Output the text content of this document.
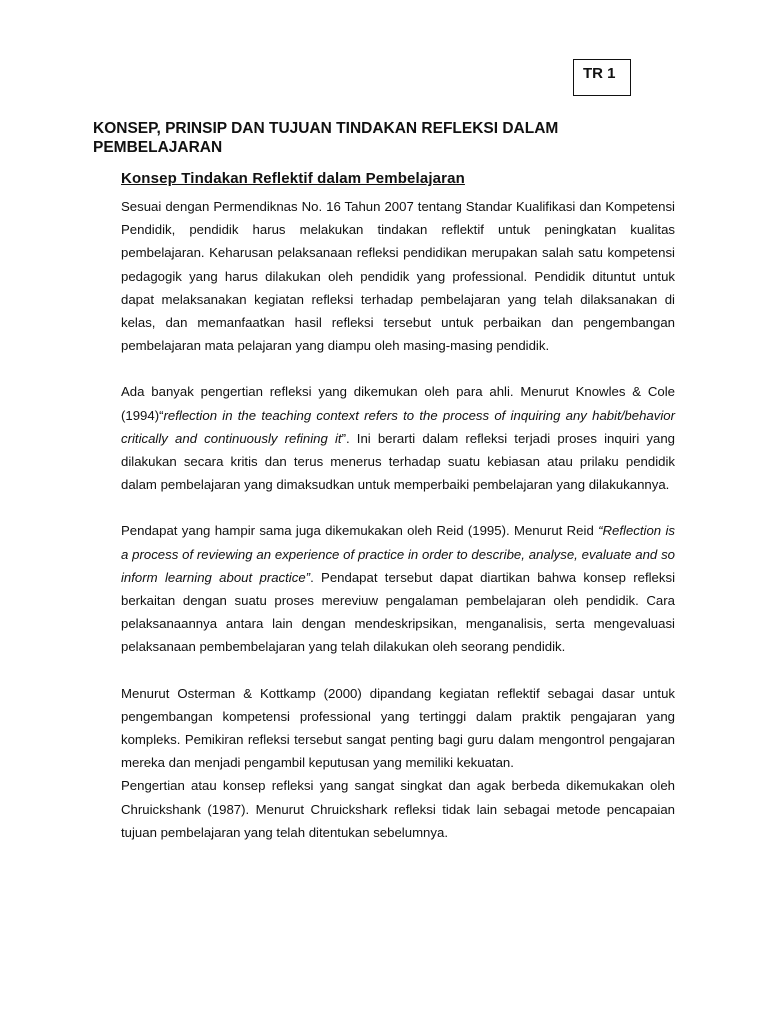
TR 1
KONSEP, PRINSIP DAN TUJUAN TINDAKAN REFLEKSI DALAM PEMBELAJARAN
Konsep Tindakan Reflektif dalam Pembelajaran

Sesuai dengan Permendiknas No. 16 Tahun 2007 tentang Standar Kualifikasi dan Kompetensi Pendidik, pendidik harus melakukan tindakan reflektif untuk peningkatan kualitas pembelajaran. Keharusan pelaksanaan refleksi pendidikan merupakan salah satu kompetensi pedagogik yang harus dilakukan oleh pendidik yang professional. Pendidik dituntut untuk dapat melaksanakan kegiatan refleksi terhadap pembelajaran yang telah dilaksanakan di kelas, dan memanfaatkan hasil refleksi tersebut untuk perbaikan dan pengembangan pembelajaran mata pelajaran yang diampu oleh masing-masing pendidik.

Ada banyak pengertian refleksi yang dikemukan oleh para ahli. Menurut Knowles & Cole (1994)“reflection in the teaching context refers to the process of inquiring any habit/behavior critically and continuously refining it”. Ini berarti dalam refleksi terjadi proses inquiri yang dilakukan secara kritis dan terus menerus terhadap suatu kebiasan atau prilaku pendidik dalam pembelajaran yang dimaksudkan untuk memperbaiki pembelajaran yang dilakukannya.

Pendapat yang hampir sama juga dikemukakan oleh Reid (1995). Menurut Reid “Reflection is a process of reviewing an experience of practice in order to describe, analyse, evaluate and so inform learning about practice”. Pendapat tersebut dapat diartikan bahwa konsep refleksi berkaitan dengan suatu proses mereviuw pengalaman pembelajaran oleh pendidik. Cara pelaksanaannya antara lain dengan mendeskripsikan, menganalisis, serta mengevaluasi pelaksanaan pembembelajaran yang telah dilakukan oleh seorang pendidik.

Menurut Osterman & Kottkamp (2000) dipandang kegiatan reflektif sebagai dasar untuk pengembangan kompetensi professional yang tertinggi dalam praktik pengajaran yang kompleks. Pemikiran refleksi tersebut sangat penting bagi guru dalam mengontrol pengajaran mereka dan menjadi pengambil keputusan yang memiliki kekuatan.

Pengertian atau konsep refleksi yang sangat singkat dan agak berbeda dikemukakan oleh Chruickshank (1987). Menurut Chruickshark refleksi tidak lain sebagai metode pencapaian tujuan pembelajaran yang telah ditentukan sebelumnya.
